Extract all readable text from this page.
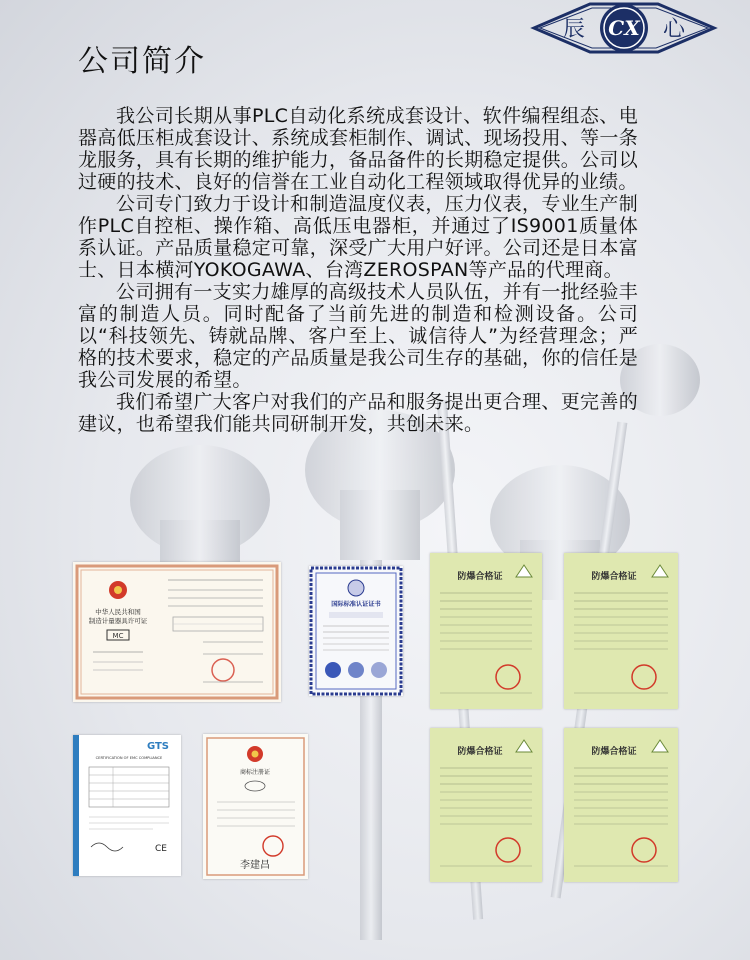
公司简介
CX
辰	心

我公司长期从事PLC自动化系统成套设计、软件编程组态、电器高低压柜成套设计、系统成套柜制作、调试、现场投用、等一条龙服务，具有长期的维护能力，备品备件的长期稳定提供。公司以过硬的技术、良好的信誉在工业自动化工程领域取得优异的业绩。

公司专门致力于设计和制造温度仪表，压力仪表，专业生产制作PLC自控柜、操作箱、高低压电器柜，并通过了IS9001质量体系认证。产品质量稳定可靠，深受广大用户好评。公司还是日本富士、日本横河YOKOGAWA、台湾ZEROSPAN等产品的代理商。

公司拥有一支实力雄厚的高级技术人员队伍，并有一批经验丰富的制造人员。同时配备了当前先进的制造和检测设备。公司以“科技领先、铸就品牌、客户至上、诚信待人”为经营理念；严格的技术要求，稳定的产品质量是我公司生存的基础，你的信任是我公司发展的希望。

我们希望广大客户对我们的产品和服务提出更合理、更完善的建议，也希望我们能共同研制开发，共创未来。

中华人民共和国
制造计量器具许可证
MC
国际标准认证证书
防爆合格证	防爆合格证
GTS
CERTIFICATION OF EMC COMPLIANCE
CE
商标注册证
李建昌
防爆合格证	防爆合格证
